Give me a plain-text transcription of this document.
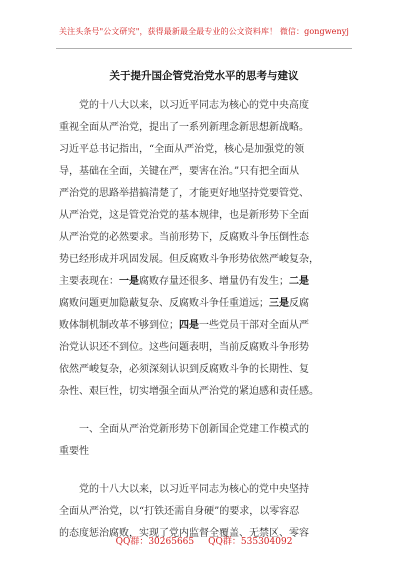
关注头条号"公文研究"，获得最新最全最专业的公文资料库！ 微信：gongwenyj
关于提升国企管党治党水平的思考与建议
党的十八大以来，以习近平同志为核心的党中央高度
重视全面从严治党，提出了一系列新理念新思想新战略。
习近平总书记指出，“全面从严治党，核心是加强党的领
导，基础在全面，关键在严，要害在治。”只有把全面从
严治党的思路举措搞清楚了，才能更好地坚持党要管党、
从严治党，这是管党治党的基本规律，也是新形势下全面
从严治党的必然要求。当前形势下，反腐败斗争压倒性态
势已经形成并巩固发展。但反腐败斗争形势依然严峻复杂，
主要表现在：一是腐败存量还很多、增量仍有发生；二是
腐败问题更加隐蔽复杂、反腐败斗争任重道远；三是反腐
败体制机制改革不够到位；四是一些党员干部对全面从严
治党认识还不到位。这些问题表明，当前反腐败斗争形势
依然严峻复杂，必须深刻认识到反腐败斗争的长期性、复
杂性、艰巨性，切实增强全面从严治党的紧迫感和责任感。
一、全面从严治党新形势下创新国企党建工作模式的
重要性
党的十八大以来，以习近平同志为核心的党中央坚持
全面从严治党，以“打铁还需自身硬”的要求，以零容忍
的态度惩治腐败，实现了党内监督全覆盖、无禁区、零容
QQ群：30265665 QQ群：535304092
